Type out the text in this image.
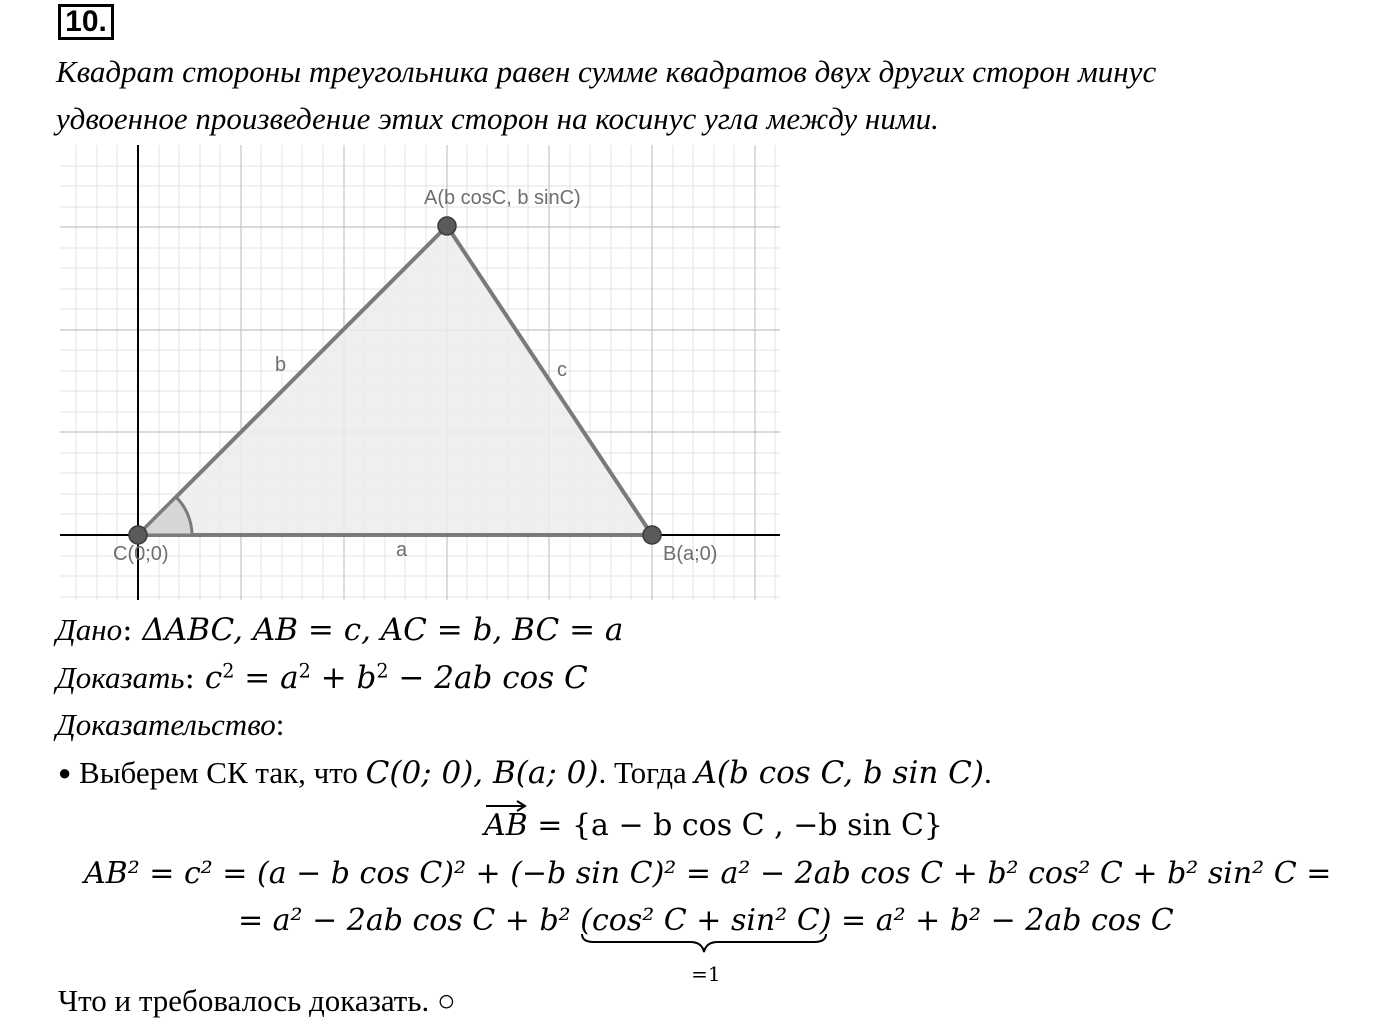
10.
Квадрат стороны треугольника равен сумме квадратов двух других сторон минус
удвоенное произведение этих сторон на косинус угла между ними.
A(b cosC, b sinC)
B(a;0)
C(0;0)	a
b	c
Дано: ΔABC, AB = c, AC = b, BC = a
Доказать: $c^2 = a^2 + b^2 - 2ab$ cos C
Доказательство:
● Выберем СК так, что C(0; 0), B(a; 0). Тогда A(b cos C, b sin C).
AB = {a − b cos C , −b sin C}
AB² = c² = (a − b cos C)² + (−b sin C)² = a² − 2ab cos C + b² cos² C + b² sin² C =
= a² − 2ab cos C + b² (cos² C + sin² C)
=1
= a² + b² − 2ab cos C
Что и требовалось доказать. ○
